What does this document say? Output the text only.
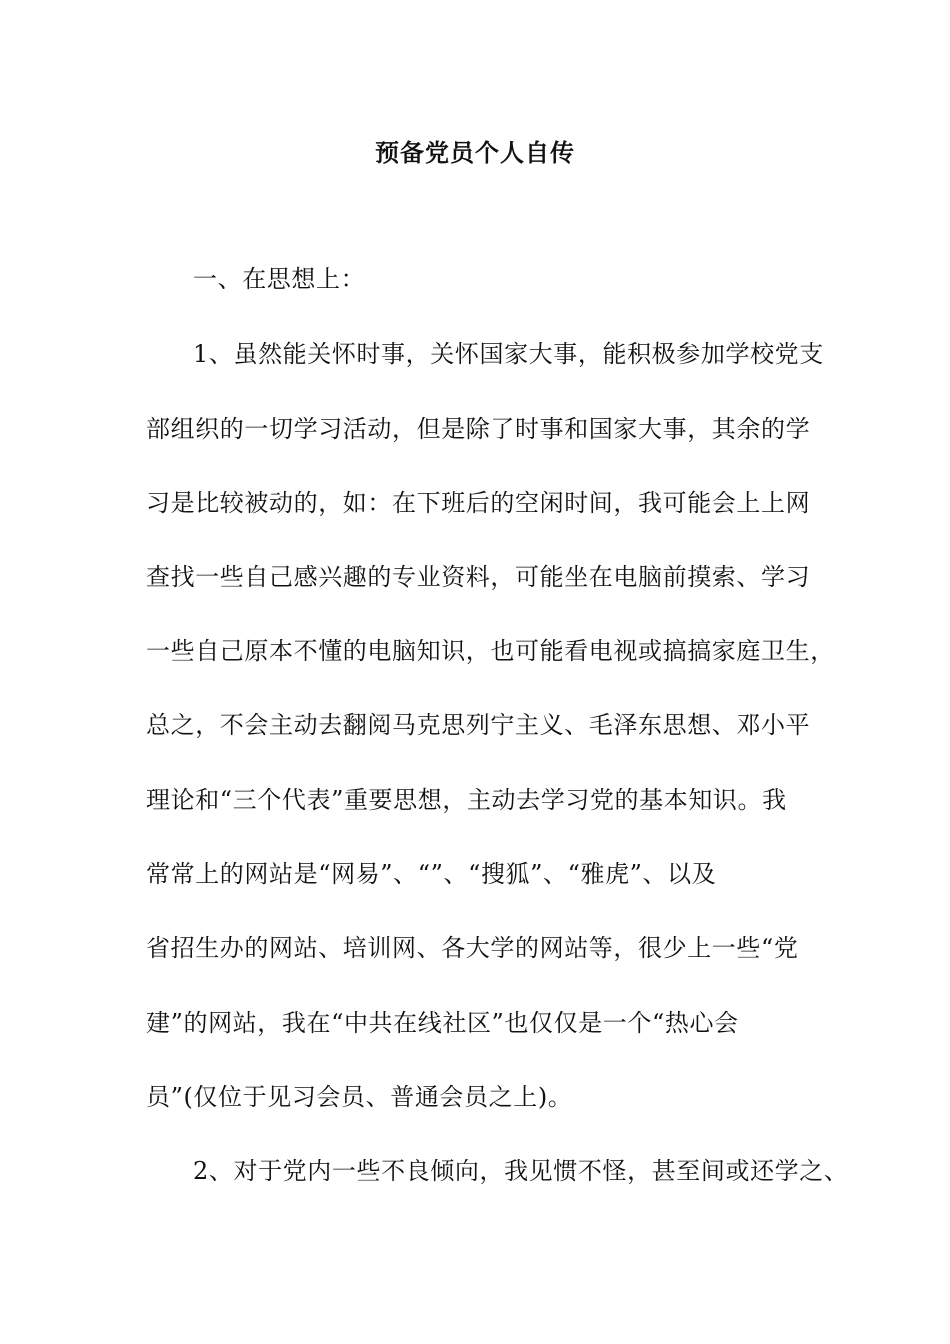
预备党员个人自传
一、在思想上：
1、虽然能关怀时事，关怀国家大事，能积极参加学校党支
部组织的一切学习活动，但是除了时事和国家大事，其余的学
习是比较被动的，如：在下班后的空闲时间，我可能会上上网
查找一些自己感兴趣的专业资料，可能坐在电脑前摸索、学习
一些自己原本不懂的电脑知识，也可能看电视或搞搞家庭卫生，
总之，不会主动去翻阅马克思列宁主义、毛泽东思想、邓小平
理论和“三个代表”重要思想，主动去学习党的基本知识。我
常常上的网站是“网易”、“”、“搜狐”、“雅虎”、以及
省招生办的网站、培训网、各大学的网站等，很少上一些“党
建”的网站，我在“中共在线社区”也仅仅是一个“热心会
员”(仅位于见习会员、普通会员之上)。
2、对于党内一些不良倾向，我见惯不怪，甚至间或还学之、
